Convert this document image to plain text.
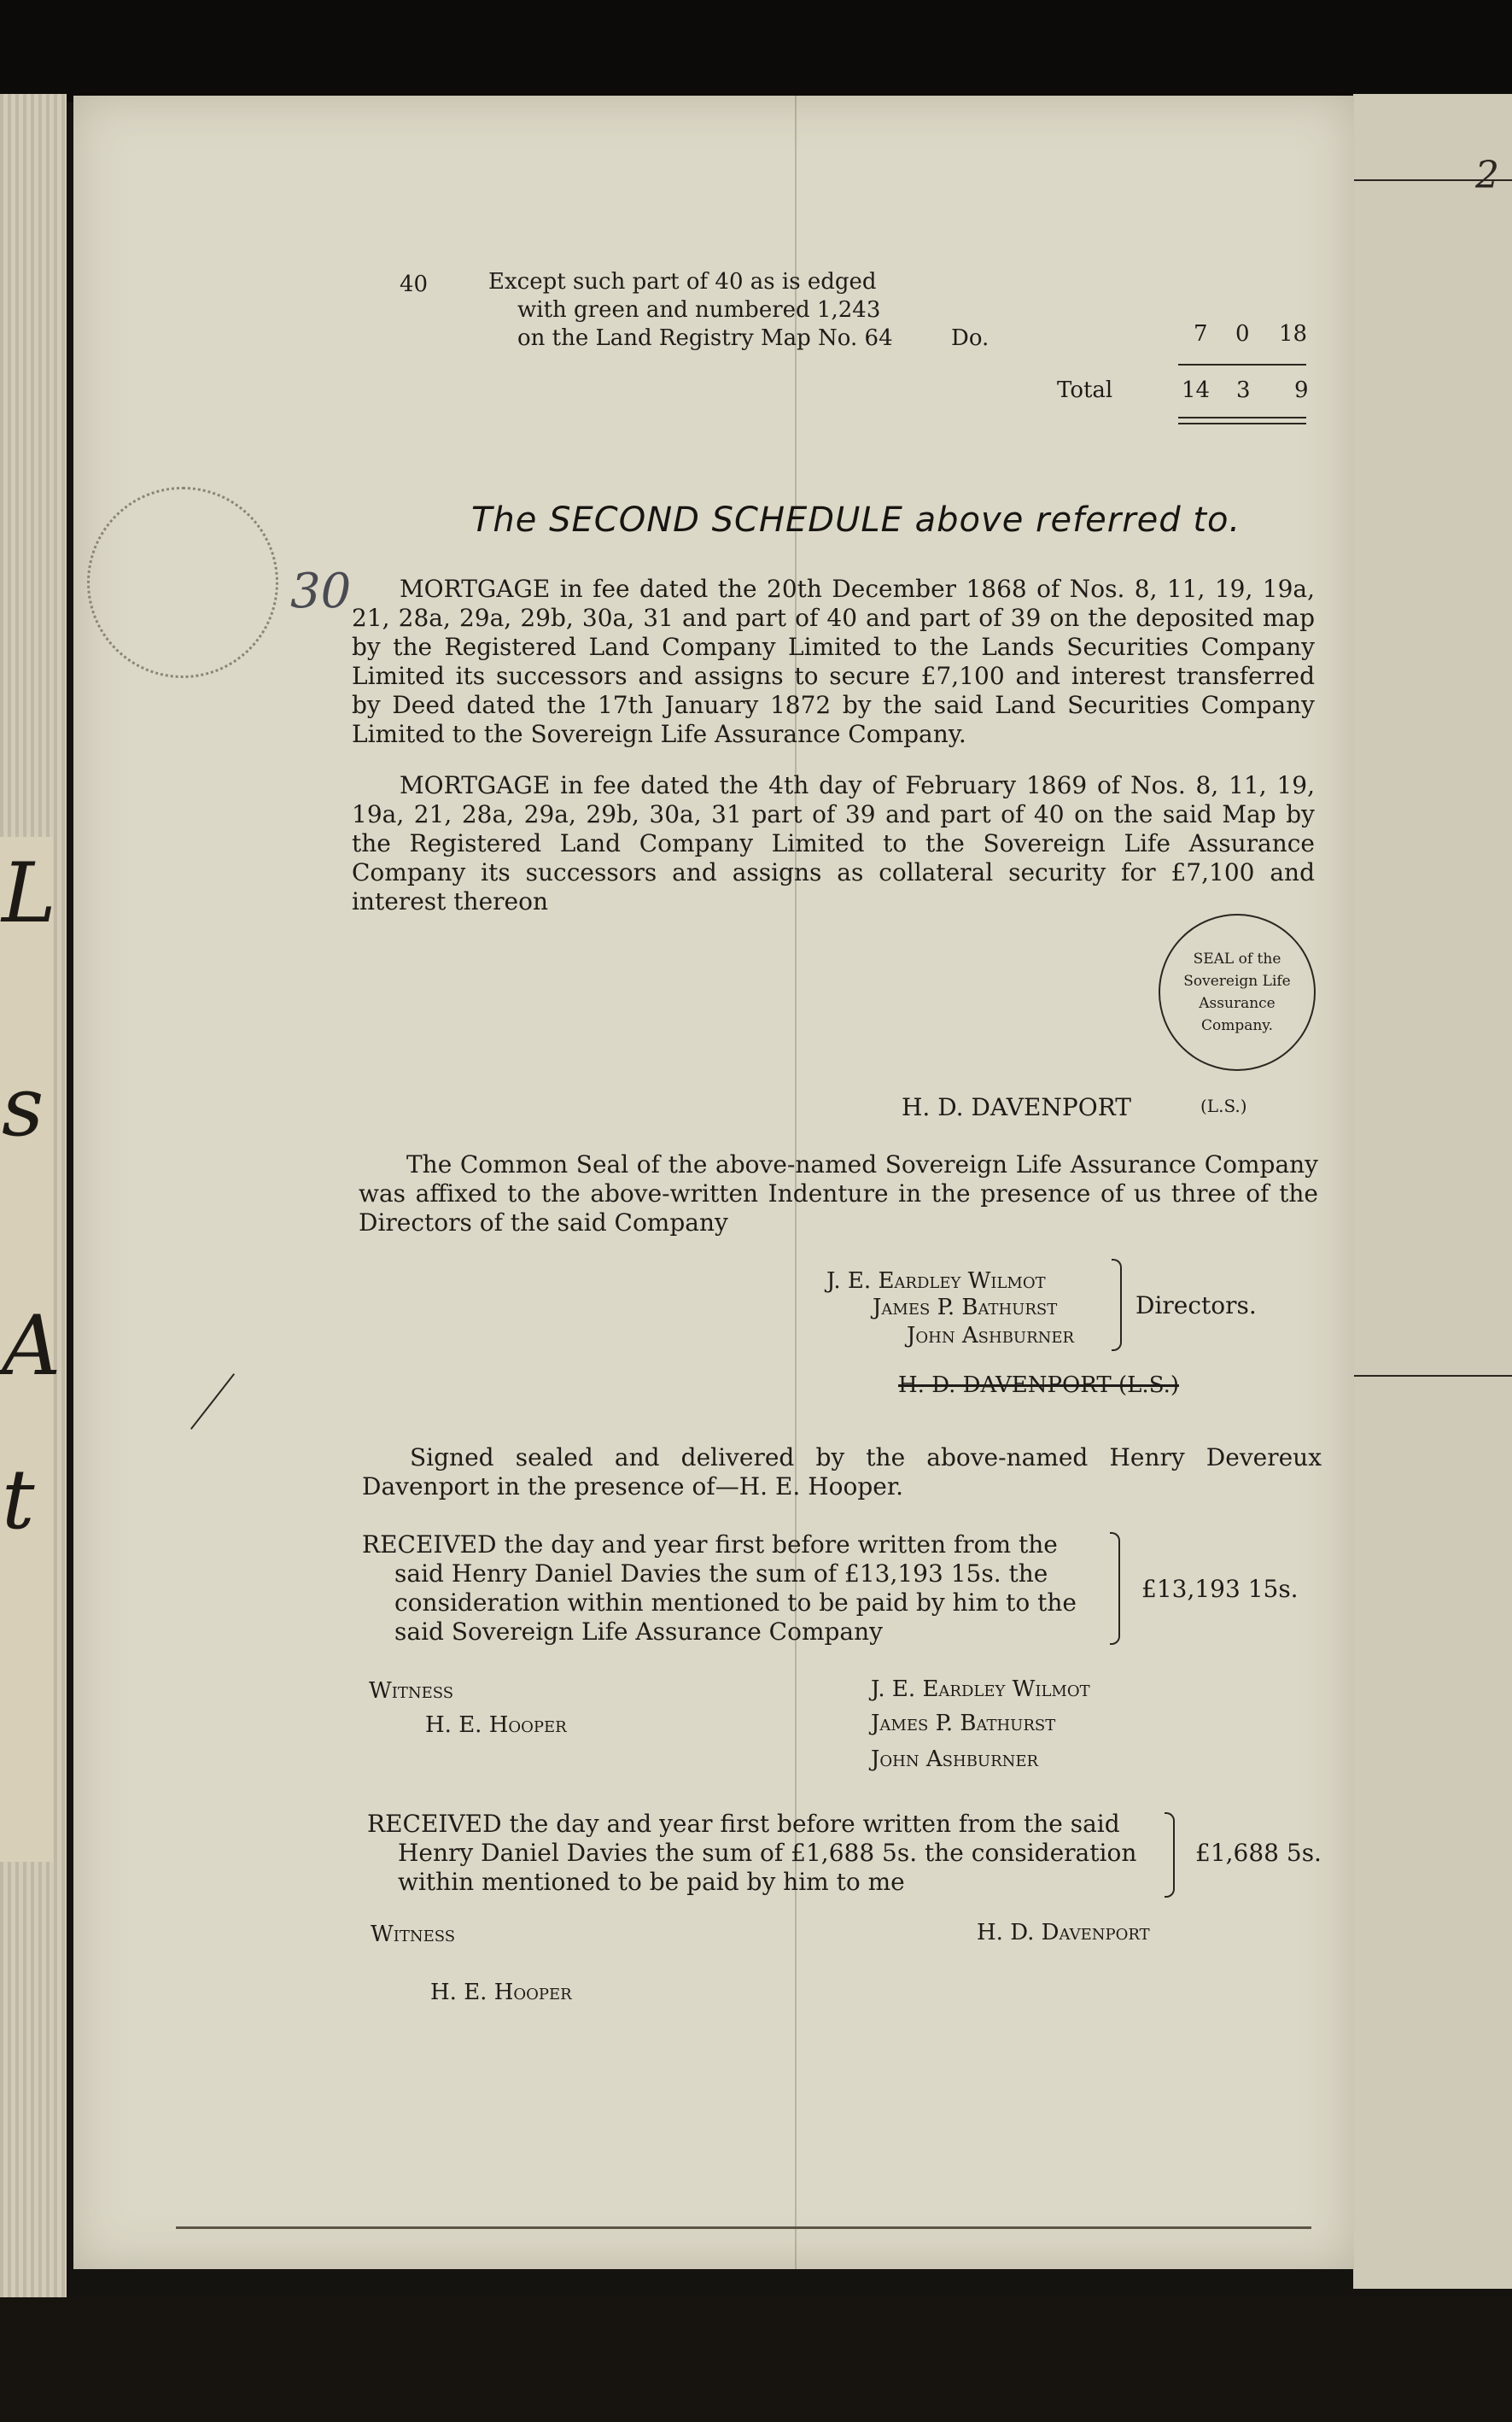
L
s
A
t
2
40	Except such part of 40 as is edged
with green and numbered 1,243
on the Land Registry Map No. 64	Do.	7 0 18
Total	14 3 9
30
The SECOND SCHEDULE above referred to.
MORTGAGE in fee dated the 20th December 1868 of Nos. 8, 11, 19, 19a, 21, 28a, 29a, 29b, 30a, 31 and part of 40 and part of 39 on the deposited map by the Registered Land Company Limited to the Lands Securities Company Limited its successors and assigns to secure £7,100 and interest transferred by Deed dated the 17th January 1872 by the said Land Securities Company Limited to the Sovereign Life Assurance Company.
MORTGAGE in fee dated the 4th day of February 1869 of Nos. 8, 11, 19, 19a, 21, 28a, 29a, 29b, 30a, 31 part of 39 and part of 40 on the said Map by the Registered Land Company Limited to the Sovereign Life Assurance Company its successors and assigns as collateral security for £7,100 and interest thereon
SEAL of the Sovereign Life Assurance Company.
H. D. DAVENPORT	(L.S.)
The Common Seal of the above-named Sovereign Life Assurance Company was affixed to the above-written Indenture in the presence of us three of the Directors of the said Company
J. E. Eardley Wilmot
James P. Bathurst
John Ashburner
Directors.
H. D. DAVENPORT (L.S.)
Signed sealed and delivered by the above-named Henry Devereux Davenport in the presence of—H. E. Hooper.
RECEIVED the day and year first before written from the
said Henry Daniel Davies the sum of £13,193 15s. the
consideration within mentioned to be paid by him to the
said Sovereign Life Assurance Company
£13,193 15s.
Witness
H. E. Hooper
J. E. Eardley Wilmot
James P. Bathurst
John Ashburner
RECEIVED the day and year first before written from the said
Henry Daniel Davies the sum of £1,688 5s. the consideration
within mentioned to be paid by him to me
£1,688 5s.
Witness
H. E. Hooper
H. D. Davenport
